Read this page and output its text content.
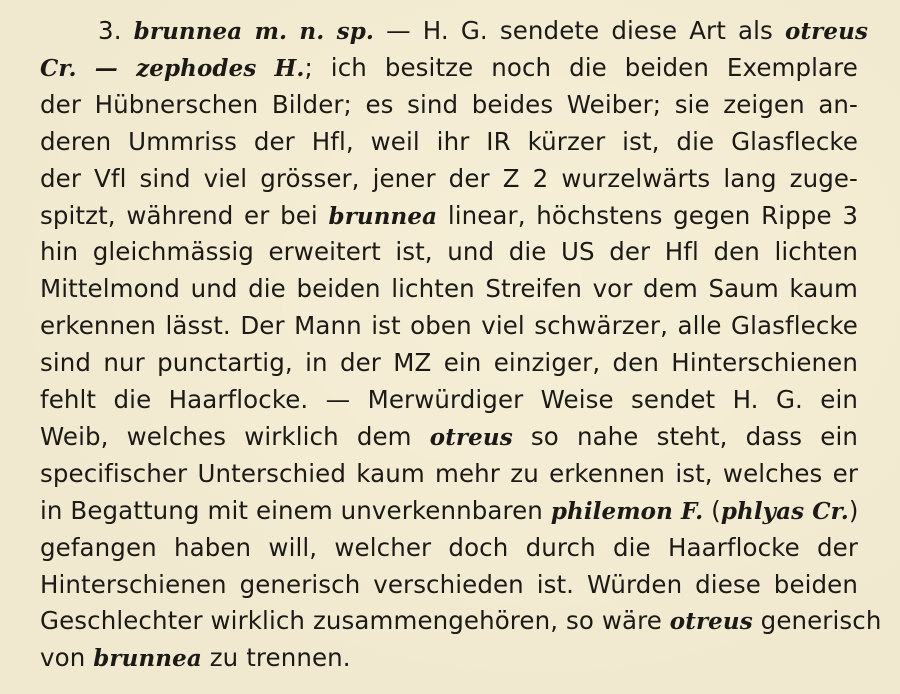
3. brunnea m. n. sp. — H. G. sendete diese Art als otreus
Cr. — zephodes H.; ich besitze noch die beiden Exemplare
der Hübnerschen Bilder; es sind beides Weiber; sie zeigen an-
deren Ummriss der Hfl, weil ihr IR kürzer ist, die Glasflecke
der Vfl sind viel grösser, jener der Z 2 wurzelwärts lang zuge-
spitzt, während er bei brunnea linear, höchstens gegen Rippe 3
hin gleichmässig erweitert ist, und die US der Hfl den lichten
Mittelmond und die beiden lichten Streifen vor dem Saum kaum
erkennen lässt. Der Mann ist oben viel schwärzer, alle Glasflecke
sind nur punctartig, in der MZ ein einziger, den Hinterschienen
fehlt die Haarflocke. — Merwürdiger Weise sendet H. G. ein
Weib, welches wirklich dem otreus so nahe steht, dass ein
specifischer Unterschied kaum mehr zu erkennen ist, welches er
in Begattung mit einem unverkennbaren philemon F. (phlyas Cr.)
gefangen haben will, welcher doch durch die Haarflocke der
Hinterschienen generisch verschieden ist. Würden diese beiden
Geschlechter wirklich zusammengehören, so wäre otreus generisch
von brunnea zu trennen.
